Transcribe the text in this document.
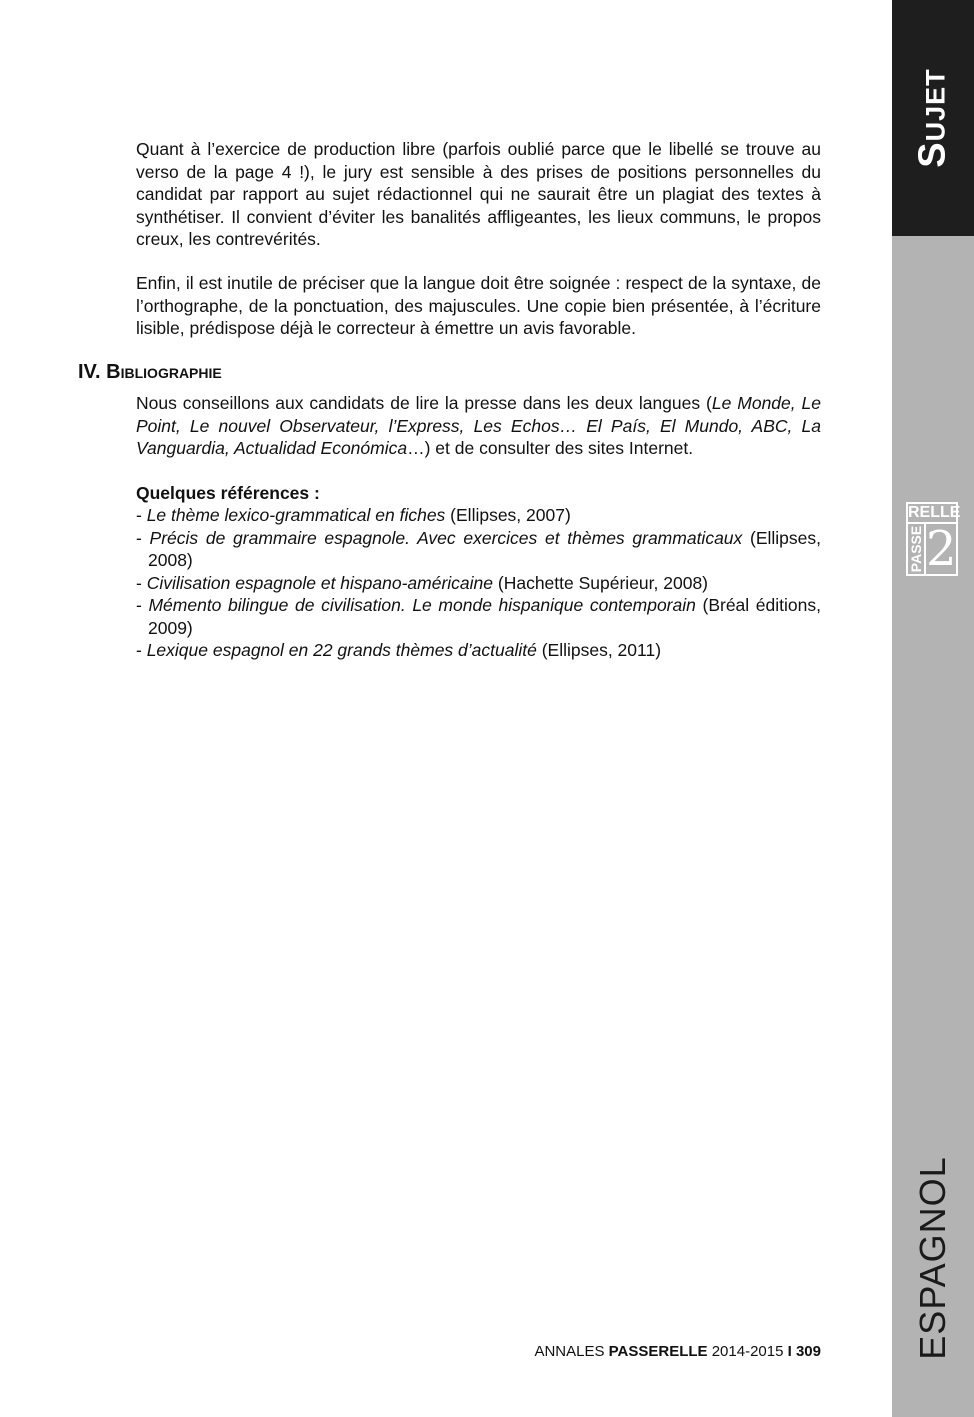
Quant à l’exercice de production libre (parfois oublié parce que le libellé se trouve au verso de la page 4 !), le jury est sensible à des prises de positions personnelles du candidat par rapport au sujet rédactionnel qui ne saurait être un plagiat des textes à synthétiser. Il convient d’éviter les banalités affligeantes, les lieux communs, le propos creux, les contrevérités.

Enfin, il est inutile de préciser que la langue doit être soignée : respect de la syntaxe, de l’orthographe, de la ponctuation, des majuscules. Une copie bien présentée, à l’écriture lisible, prédispose déjà le correcteur à émettre un avis favorable.

IV. Bibliographie

Nous conseillons aux candidats de lire la presse dans les deux langues (Le Monde, Le Point, Le nouvel Observateur, l’Express, Les Echos… El País, El Mundo, ABC, La Vanguardia, Actualidad Económica…) et de consulter des sites Internet.

Quelques références :

- Le thème lexico-grammatical en fiches (Ellipses, 2007)
- Précis de grammaire espagnole. Avec exercices et thèmes grammaticaux (Ellipses, 2008)
- Civilisation espagnole et hispano-américaine (Hachette Supérieur, 2008)
- Mémento bilingue de civilisation. Le monde hispanique contemporain (Bréal éditions, 2009)
- Lexique espagnol en 22 grands thèmes d’actualité (Ellipses, 2011)
ANNALES PASSERELLE 2014-2015 I 309
Sujet
RELLE
PASSE 2
ESPAGNOL
